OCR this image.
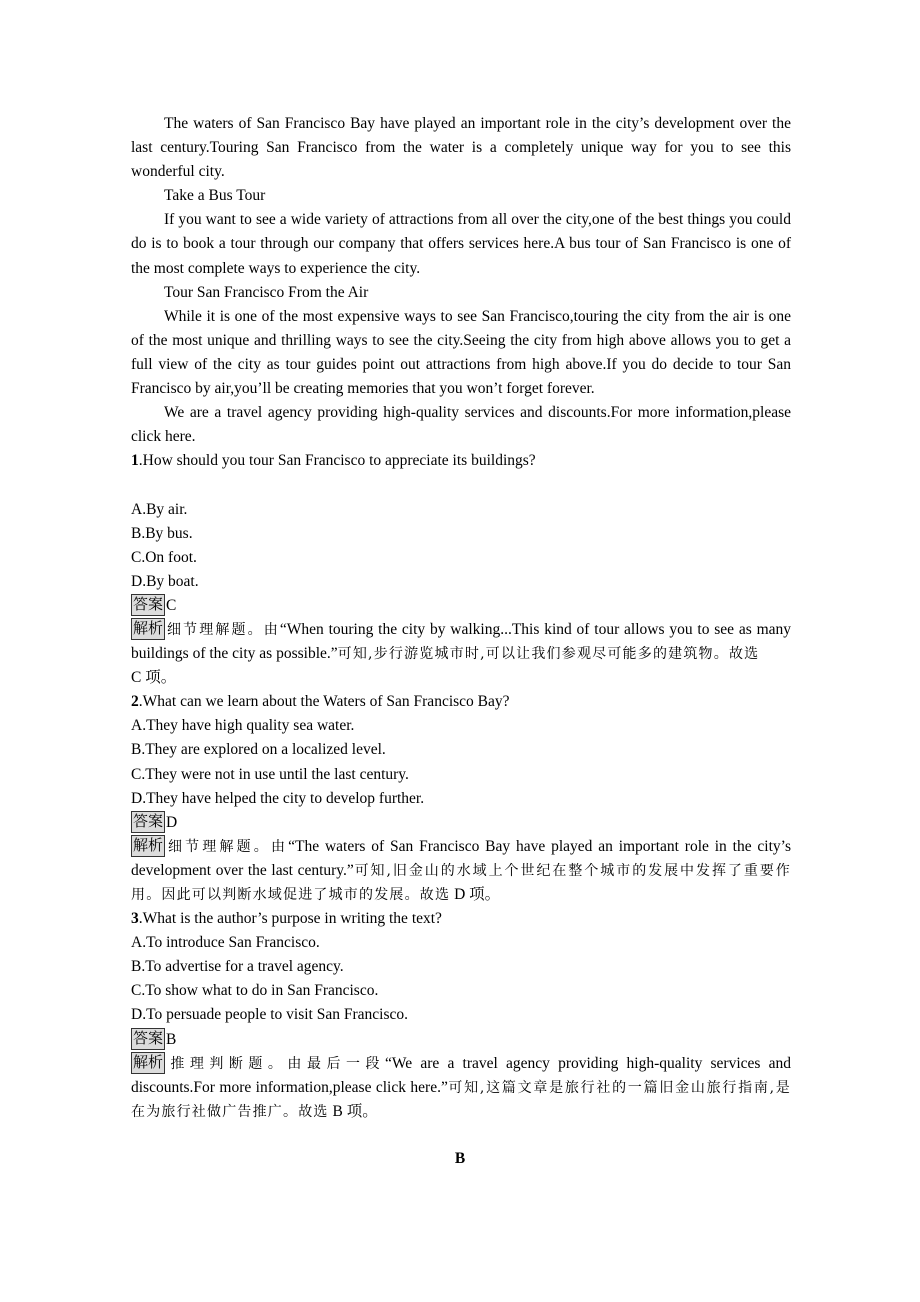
The waters of San Francisco Bay have played an important role in the city’s development over the last century.Touring San Francisco from the water is a completely unique way for you to see this wonderful city.

Take a Bus Tour

If you want to see a wide variety of attractions from all over the city,one of the best things you could do is to book a tour through our company that offers services here.A bus tour of San Francisco is one of the most complete ways to experience the city.

Tour San Francisco From the Air

While it is one of the most expensive ways to see San Francisco,touring the city from the air is one of the most unique and thrilling ways to see the city.Seeing the city from high above allows you to get a full view of the city as tour guides point out attractions from high above.If you do decide to tour San Francisco by air,you’ll be creating memories that you won’t forget forever.

We are a travel agency providing high-quality services and discounts.For more information,please click here.

1.How should you tour San Francisco to appreciate its buildings?

A.By air.

B.By bus.

C.On foot.

D.By boat.

答案 C

解析 细节理解题。由“When touring the city by walking...This kind of tour allows you to see as many buildings of the city as possible.”可知,步行游览城市时,可以让我们参观尽可能多的建筑物。故选
C 项。

2.What can we learn about the Waters of San Francisco Bay?

A.They have high quality sea water.

B.They are explored on a localized level.

C.They were not in use until the last century.

D.They have helped the city to develop further.

答案 D

解析 细节理解题。由“The waters of San Francisco Bay have played an important role in the city’s development over the last century.”可知,旧金山的水域上个世纪在整个城市的发展中发挥了重要作用。因此可以判断水域促进了城市的发展。故选 D 项。

3.What is the author’s purpose in writing the text?

A.To introduce San Francisco.

B.To advertise for a travel agency.

C.To show what to do in San Francisco.

D.To persuade people to visit San Francisco.

答案 B

解析 推理判断题。由最后一段“We are a travel agency providing high-quality services and discounts.For more information,please click here.”可知,这篇文章是旅行社的一篇旧金山旅行指南,是在为旅行社做广告推广。故选 B 项。

B
